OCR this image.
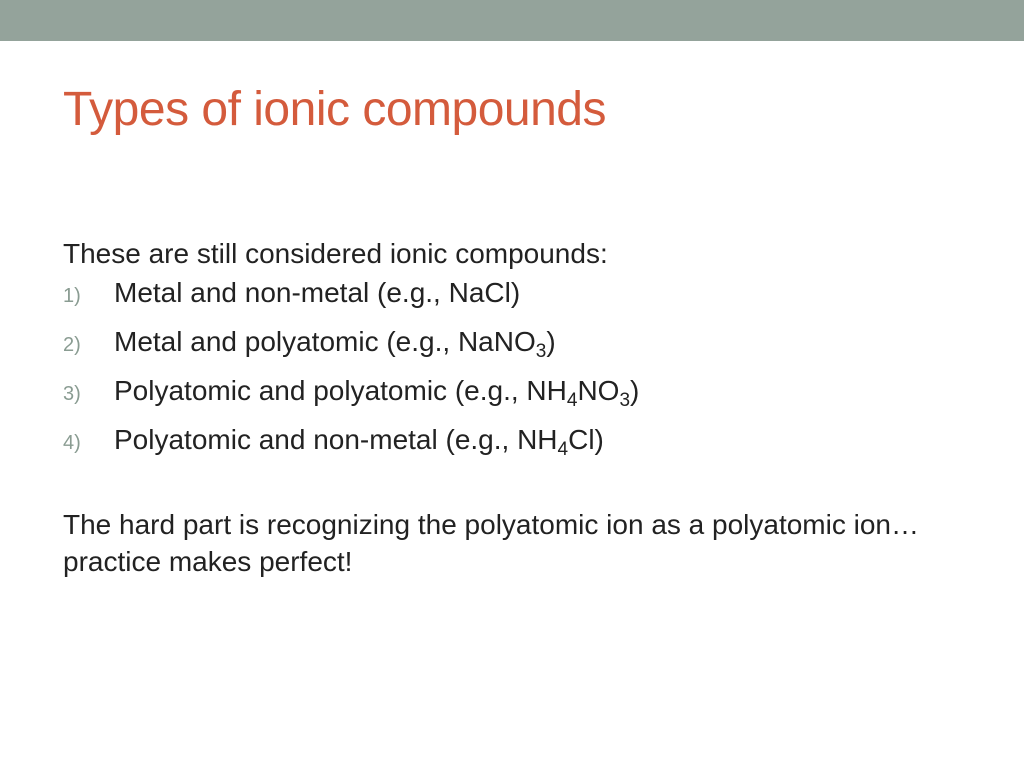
Types of ionic compounds

These are still considered ionic compounds:

1)	Metal and non-metal (e.g., NaCl)
2)	Metal and polyatomic (e.g., NaNO$_3$)
3)	Polyatomic and polyatomic (e.g., $NH_4NO_3$)
4)	Polyatomic and non-metal (e.g., $NH_4Cl$)

The hard part is recognizing the polyatomic ion as a polyatomic ion…practice makes perfect!
